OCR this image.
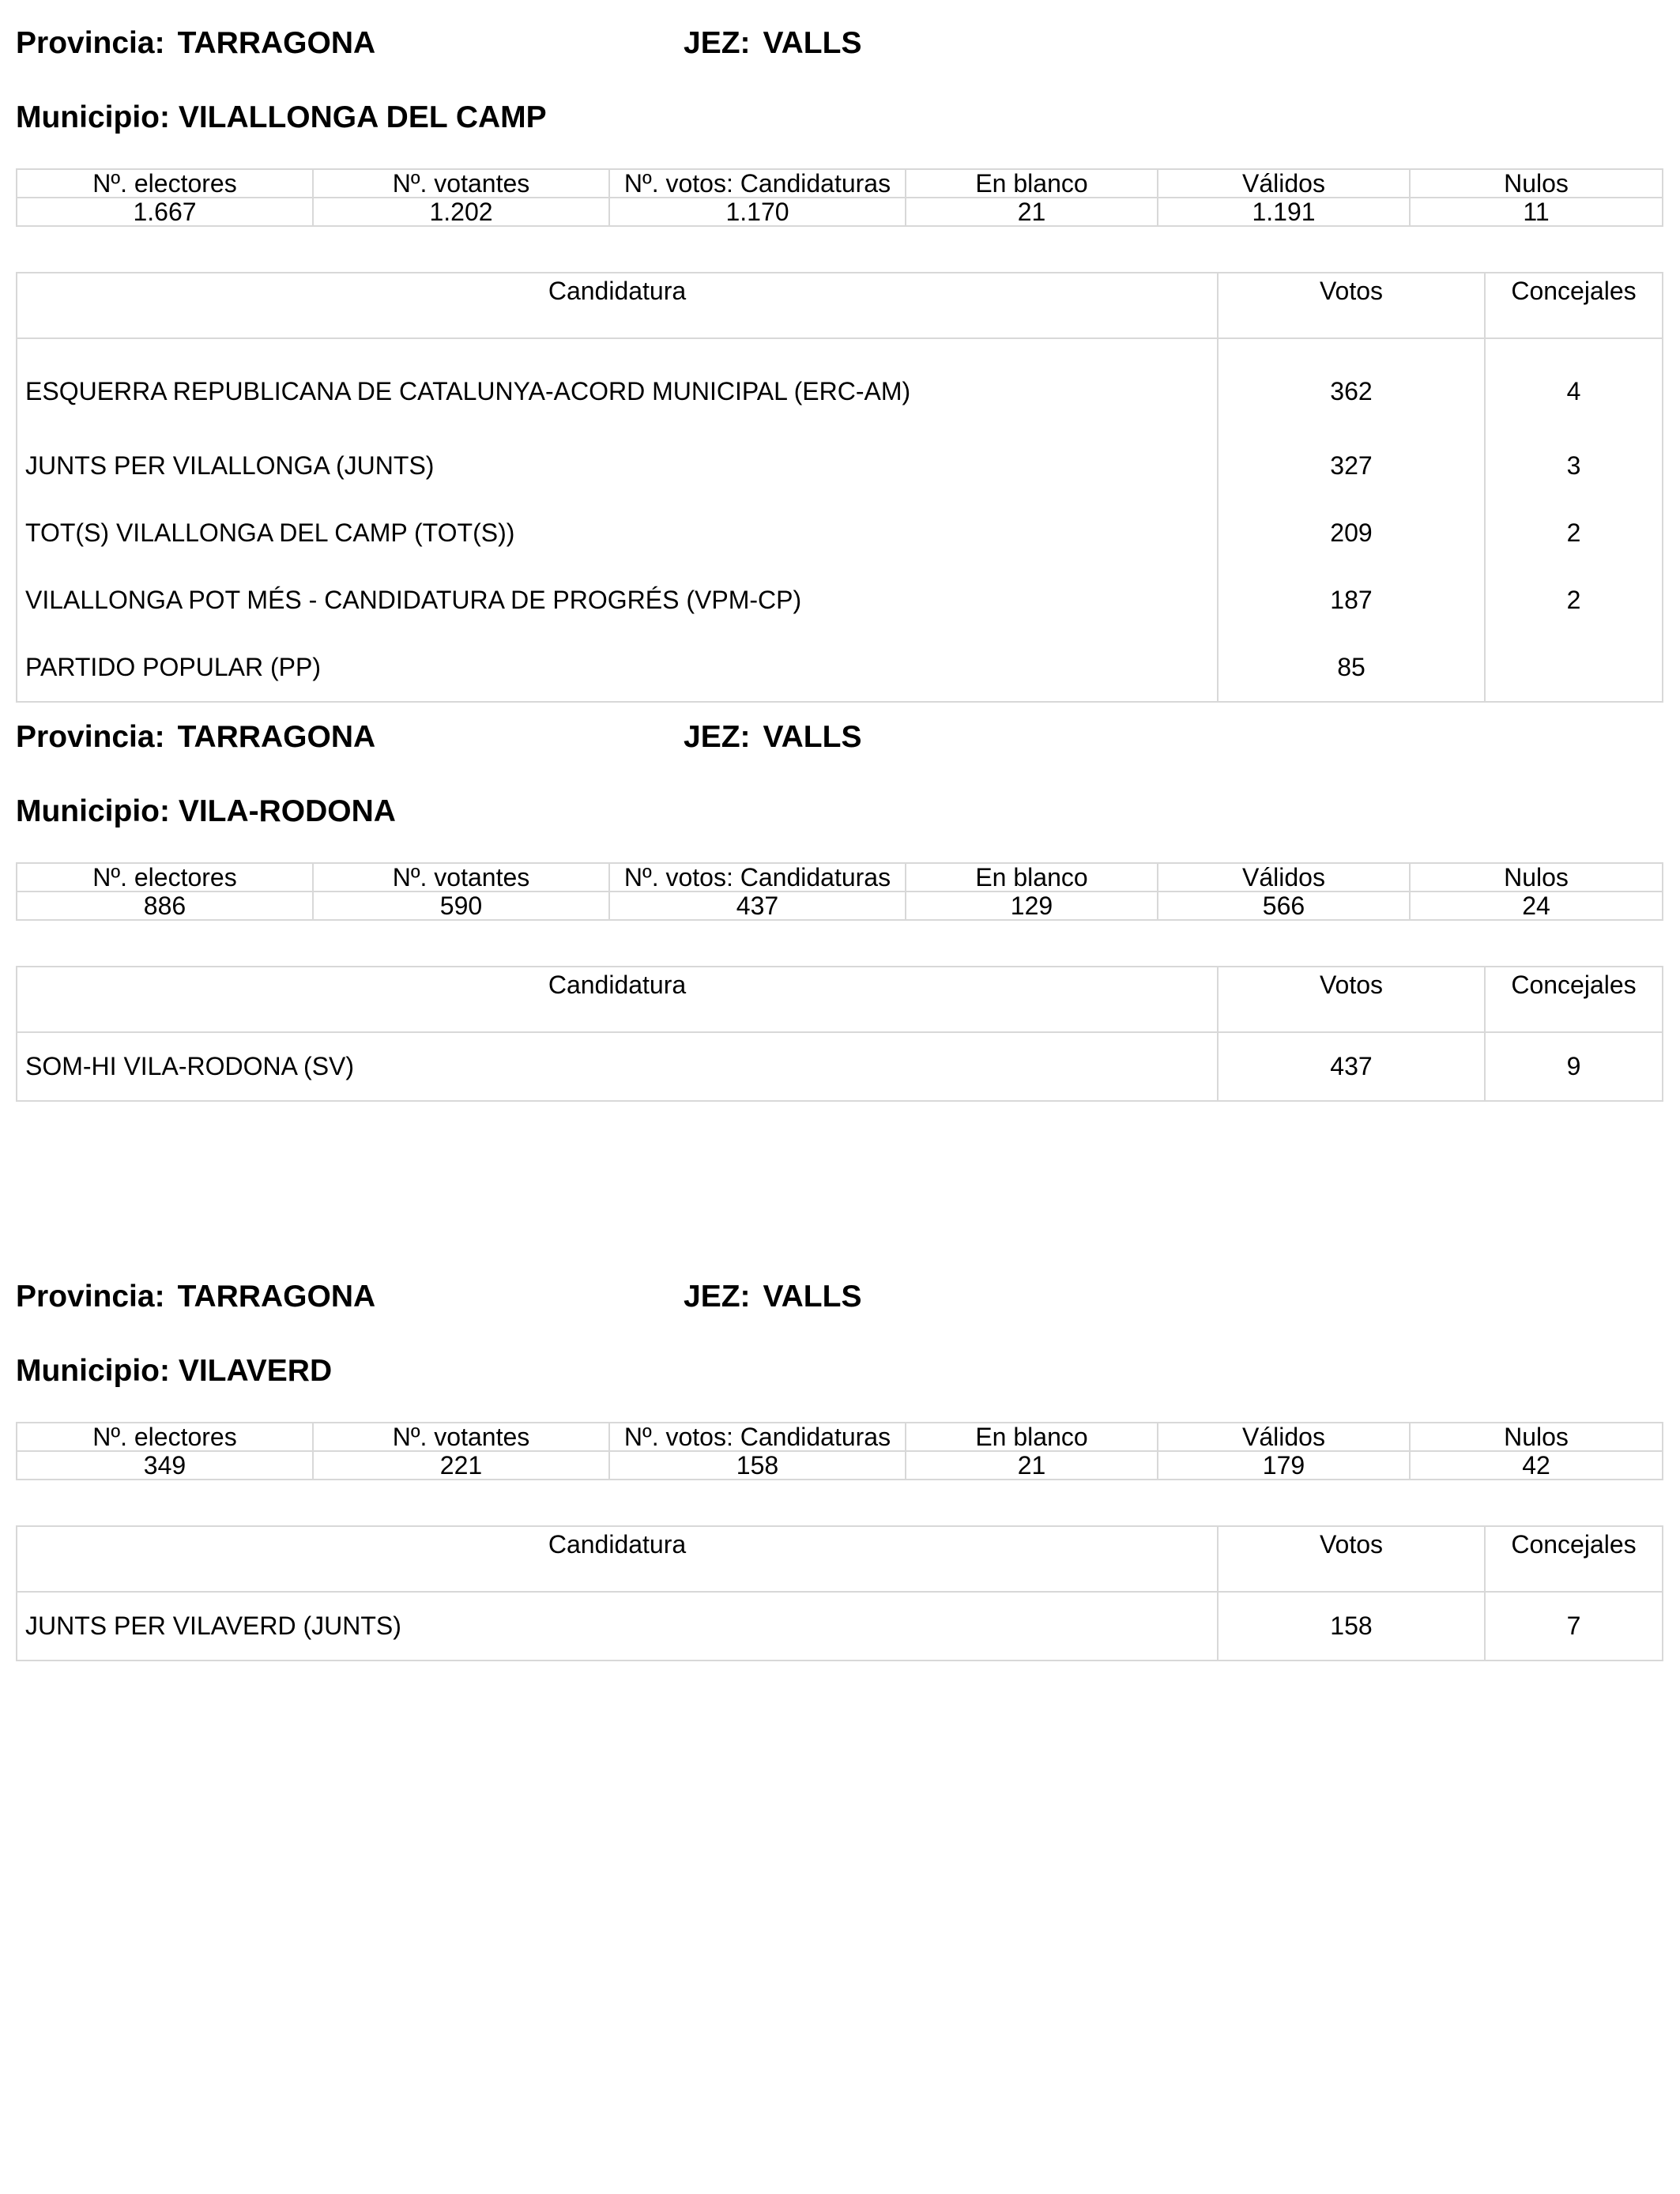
Provincia: TARRAGONA	JEZ: VALLS
Municipio: VILALLONGA DEL CAMP
Nº. electores	Nº. votantes	Nº. votos: Candidaturas	En blanco	Válidos	Nulos
1.667	1.202	1.170	21	1.191	11
Candidatura	Votos	Concejales
ESQUERRA REPUBLICANA DE CATALUNYA-ACORD MUNICIPAL (ERC-AM)	362	4
JUNTS PER VILALLONGA (JUNTS)	327	3
TOT(S) VILALLONGA DEL CAMP (TOT(S))	209	2
VILALLONGA POT MÉS - CANDIDATURA DE PROGRÉS (VPM-CP)	187	2
PARTIDO POPULAR (PP)	85	
Provincia: TARRAGONA	JEZ: VALLS
Municipio: VILA-RODONA
Nº. electores	Nº. votantes	Nº. votos: Candidaturas	En blanco	Válidos	Nulos
886	590	437	129	566	24
Candidatura	Votos	Concejales
SOM-HI VILA-RODONA (SV)	437	9
Provincia: TARRAGONA	JEZ: VALLS
Municipio: VILAVERD
Nº. electores	Nº. votantes	Nº. votos: Candidaturas	En blanco	Válidos	Nulos
349	221	158	21	179	42
Candidatura	Votos	Concejales
JUNTS PER VILAVERD (JUNTS)	158	7
